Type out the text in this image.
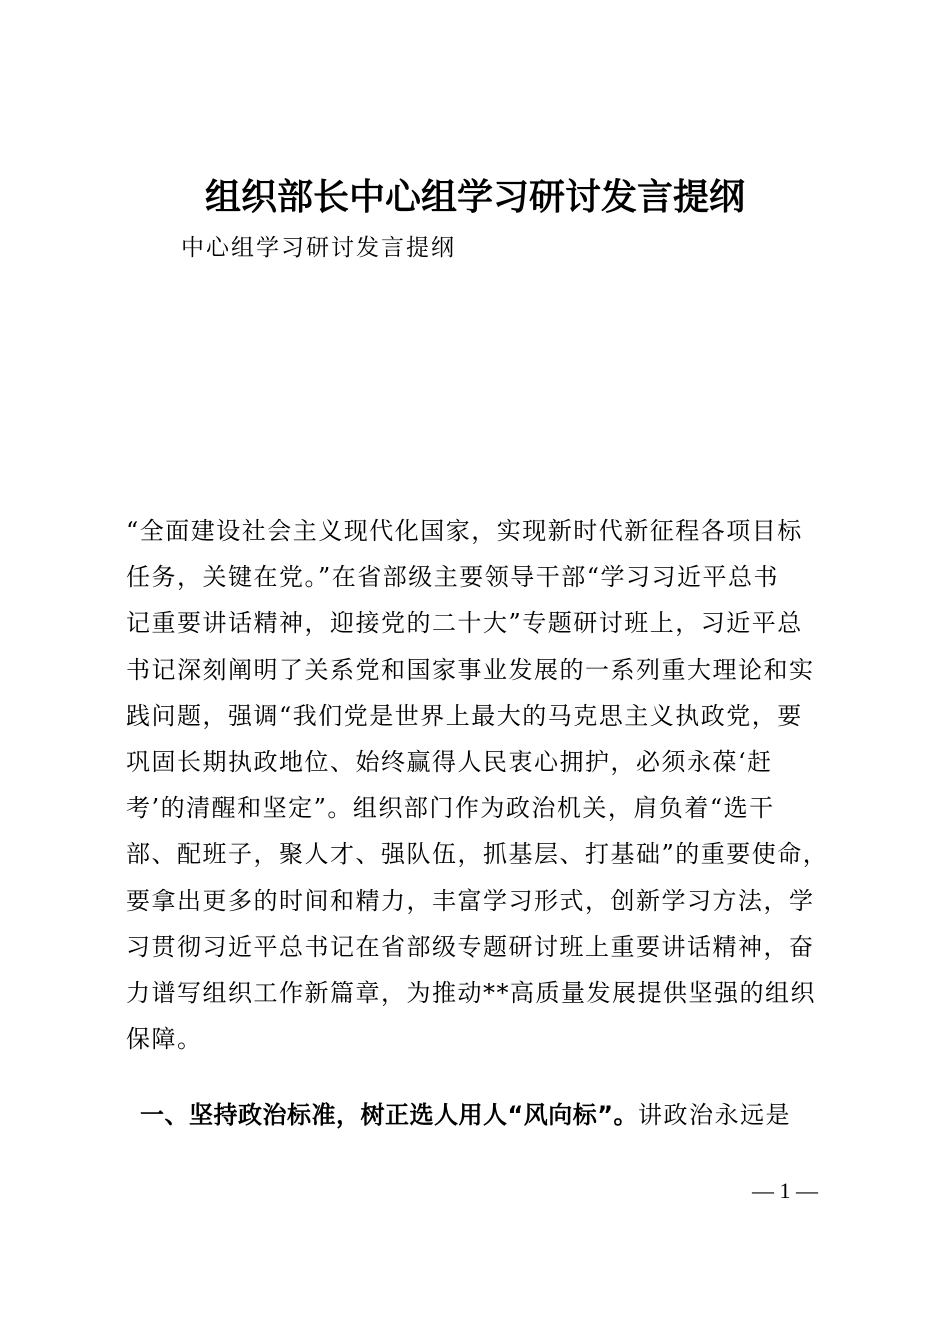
组织部长中心组学习研讨发言提纲

中心组学习研讨发言提纲

“全面建设社会主义现代化国家，实现新时代新征程各项目标
任务，关键在党。”在省部级主要领导干部“学习习近平总书
记重要讲话精神，迎接党的二十大”专题研讨班上，习近平总
书记深刻阐明了关系党和国家事业发展的一系列重大理论和实
践问题，强调“我们党是世界上最大的马克思主义执政党，要
巩固长期执政地位、始终赢得人民衷心拥护，必须永葆‘赶
考’的清醒和坚定”。组织部门作为政治机关，肩负着“选干
部、配班子，聚人才、强队伍，抓基层、打基础”的重要使命，
要拿出更多的时间和精力，丰富学习形式，创新学习方法，学
习贯彻习近平总书记在省部级专题研讨班上重要讲话精神，奋
力谱写组织工作新篇章，为推动**高质量发展提供坚强的组织
保障。

一、坚持政治标准，树正选人用人“风向标”。讲政治永远是

— 1 —
